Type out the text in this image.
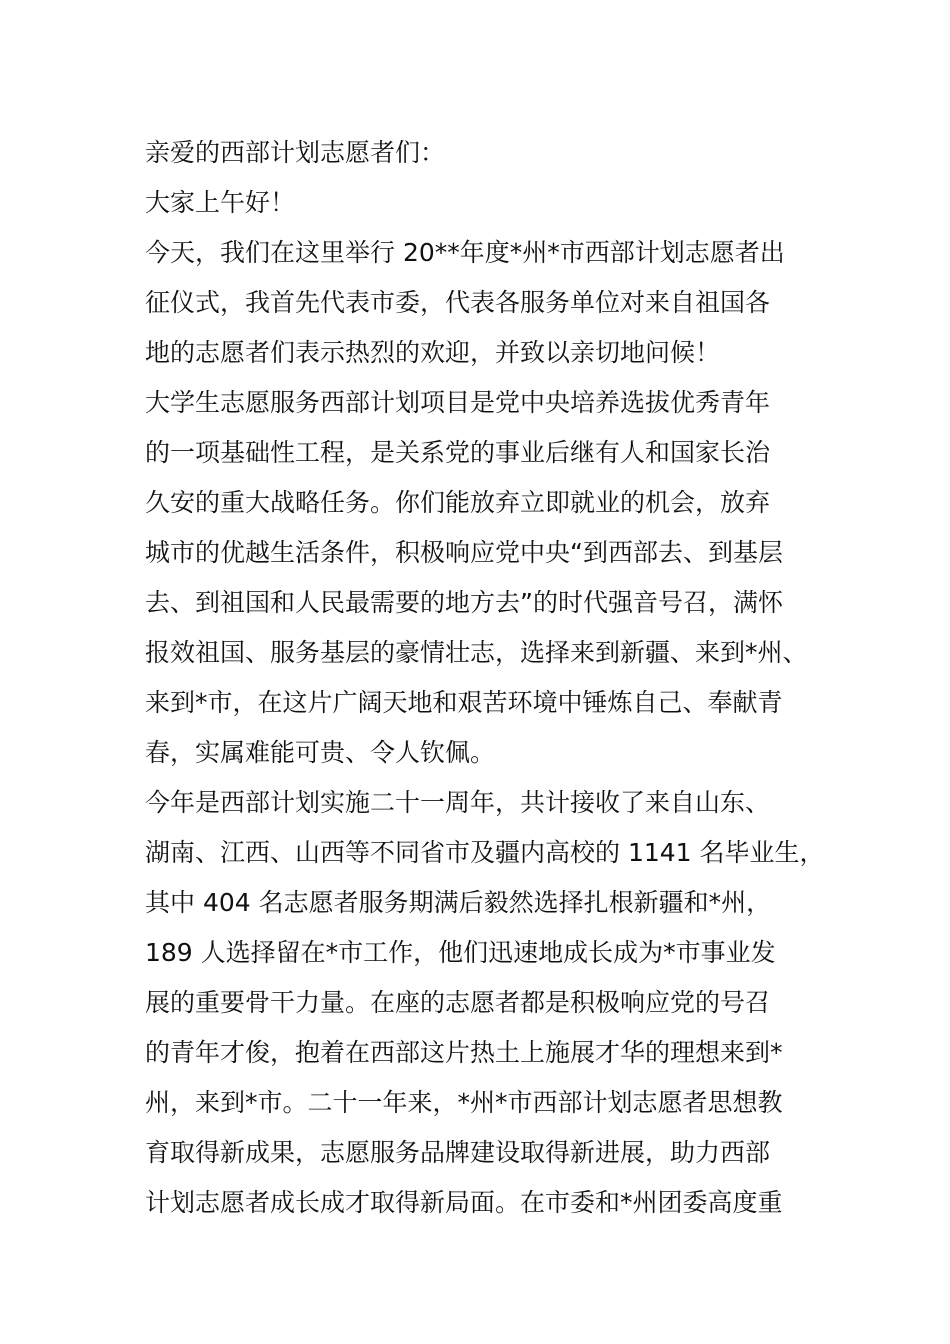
亲爱的西部计划志愿者们：
大家上午好！
今天，我们在这里举行 20**年度*州*市西部计划志愿者出
征仪式，我首先代表市委，代表各服务单位对来自祖国各
地的志愿者们表示热烈的欢迎，并致以亲切地问候！
大学生志愿服务西部计划项目是党中央培养选拔优秀青年
的一项基础性工程，是关系党的事业后继有人和国家长治
久安的重大战略任务。你们能放弃立即就业的机会，放弃
城市的优越生活条件，积极响应党中央“到西部去、到基层
去、到祖国和人民最需要的地方去”的时代强音号召，满怀
报效祖国、服务基层的豪情壮志，选择来到新疆、来到*州、
来到*市，在这片广阔天地和艰苦环境中锤炼自己、奉献青
春，实属难能可贵、令人钦佩。
今年是西部计划实施二十一周年，共计接收了来自山东、
湖南、江西、山西等不同省市及疆内高校的 1141 名毕业生，
其中 404 名志愿者服务期满后毅然选择扎根新疆和*州，
189 人选择留在*市工作，他们迅速地成长成为*市事业发
展的重要骨干力量。在座的志愿者都是积极响应党的号召
的青年才俊，抱着在西部这片热土上施展才华的理想来到*
州，来到*市。二十一年来，*州*市西部计划志愿者思想教
育取得新成果，志愿服务品牌建设取得新进展，助力西部
计划志愿者成长成才取得新局面。在市委和*州团委高度重
